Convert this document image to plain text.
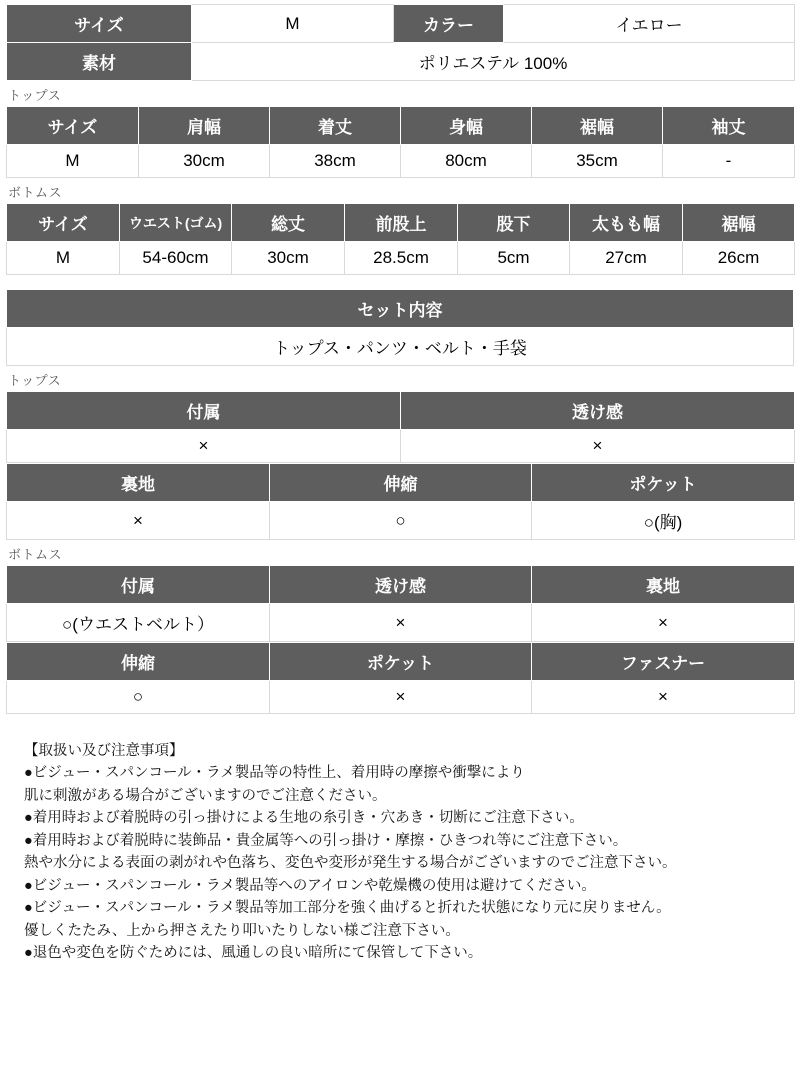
サイズ	M	カラー	イエロー
素材	ポリエステル 100%		
トップス
サイズ	肩幅	着丈	身幅	裾幅	袖丈
M	30cm	38cm	80cm	35cm	-
ボトムス
サイズ	ウエスト(ゴム)	総丈	前股上	股下	太もも幅	裾幅
M	54-60cm	30cm	28.5cm	5cm	27cm	26cm
セット内容
トップス・パンツ・ベルト・手袋
トップス
付属	透け感
×	×
裏地	伸縮	ポケット
×	○	○(胸)
ボトムス
付属	透け感	裏地
○(ウエストベルト）	×	×
伸縮	ポケット	ファスナー
○	×	×
【取扱い及び注意事項】
●ビジュー・スパンコール・ラメ製品等の特性上、着用時の摩擦や衝撃により
肌に刺激がある場合がございますのでご注意ください。
●着用時および着脱時の引っ掛けによる生地の糸引き・穴あき・切断にご注意下さい。
●着用時および着脱時に装飾品・貴金属等への引っ掛け・摩擦・ひきつれ等にご注意下さい。
熱や水分による表面の剥がれや色落ち、変色や変形が発生する場合がございますのでご注意下さい。
●ビジュー・スパンコール・ラメ製品等へのアイロンや乾燥機の使用は避けてください。
●ビジュー・スパンコール・ラメ製品等加工部分を強く曲げると折れた状態になり元に戻りません。
優しくたたみ、上から押さえたり叩いたりしない様ご注意下さい。
●退色や変色を防ぐためには、風通しの良い暗所にて保管して下さい。
